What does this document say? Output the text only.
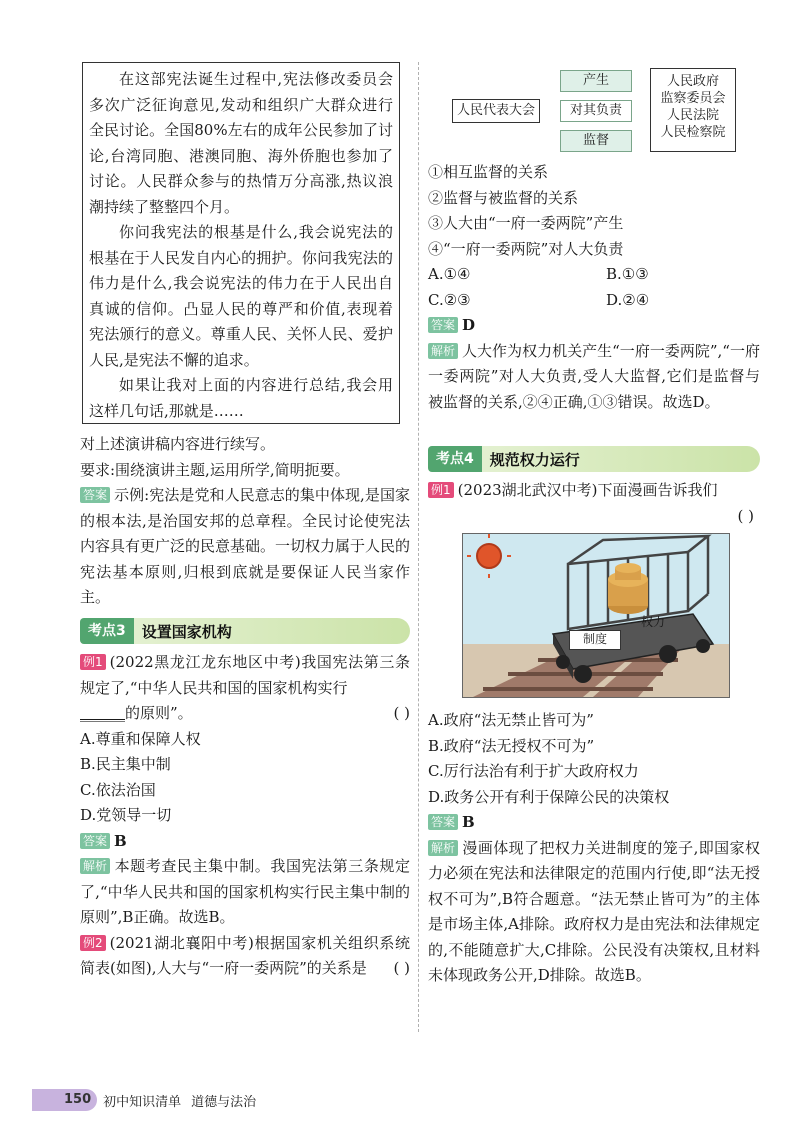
在这部宪法诞生过程中,宪法修改委员会多次广泛征询意见,发动和组织广大群众进行全民讨论。全国80%左右的成年公民参加了讨论,台湾同胞、港澳同胞、海外侨胞也参加了讨论。人民群众参与的热情万分高涨,热议浪潮持续了整整四个月。

你问我宪法的根基是什么,我会说宪法的根基在于人民发自内心的拥护。你问我宪法的伟力是什么,我会说宪法的伟力在于人民出自真诚的信仰。凸显人民的尊严和价值,表现着宪法颁行的意义。尊重人民、关怀人民、爱护人民,是宪法不懈的追求。

如果让我对上面的内容进行总结,我会用这样几句话,那就是……

对上述演讲稿内容进行续写。

要求:围绕演讲主题,运用所学,简明扼要。

答案 示例:宪法是党和人民意志的集中体现,是国家的根本法,是治国安邦的总章程。全民讨论使宪法内容具有更广泛的民意基础。一切权力属于人民的宪法基本原则,归根到底就是要保证人民当家作主。

考点3	设置国家机构

例1 (2022黑龙江龙东地区中考)我国宪法第三条规定了,“中华人民共和国的国家机构实行

______的原则”。	( )

A.尊重和保障人权

B.民主集中制

C.依法治国

D.党领导一切

答案 B

解析 本题考查民主集中制。我国宪法第三条规定了,“中华人民共和国的国家机构实行民主集中制的原则”,B正确。故选B。

例2 (2021湖北襄阳中考)根据国家机关组织系统简表(如图),人大与“一府一委两院”的关系是 ( )

人民代表大会
产生
对其负责
监督
人民政府
监察委员会
人民法院
人民检察院

①相互监督的关系

②监督与被监督的关系

③人大由“一府一委两院”产生

④“一府一委两院”对人大负责

A.①④	B.①③
C.②③	D.②④

答案 D

解析 人大作为权力机关产生“一府一委两院”,“一府一委两院”对人大负责,受人大监督,它们是监督与被监督的关系,②④正确,①③错误。故选D。

考点4	规范权力运行

例1 (2023湖北武汉中考)下面漫画告诉我们

( )

制度
权力

A.政府“法无禁止皆可为”

B.政府“法无授权不可为”

C.厉行法治有利于扩大政府权力

D.政务公开有利于保障公民的决策权

答案 B

解析 漫画体现了把权力关进制度的笼子,即国家权力必须在宪法和法律限定的范围内行使,即“法无授权不可为”,B符合题意。“法无禁止皆可为”的主体是市场主体,A排除。政府权力是由宪法和法律规定的,不能随意扩大,C排除。公民没有决策权,且材料未体现政务公开,D排除。故选B。

150 初中知识清单 道德与法治
